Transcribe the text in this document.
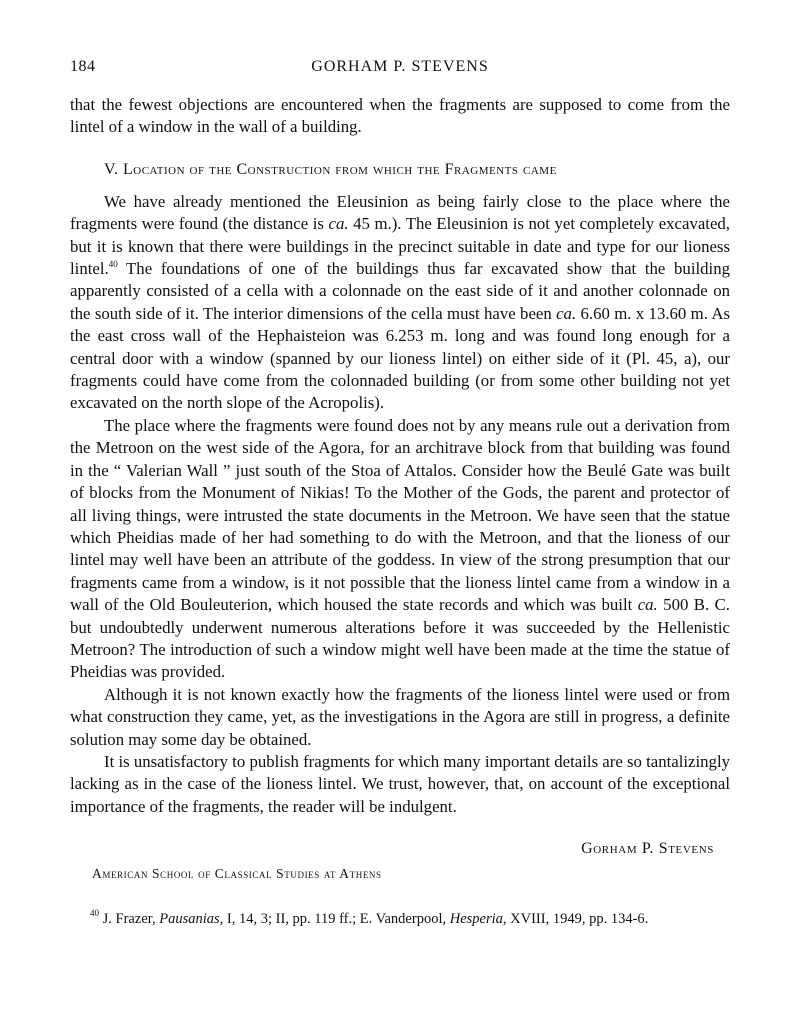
184	GORHAM P. STEVENS

that the fewest objections are encountered when the fragments are supposed to come from the lintel of a window in the wall of a building.

V. Location of the Construction from which the Fragments came

We have already mentioned the Eleusinion as being fairly close to the place where the fragments were found (the distance is ca. 45 m.). The Eleusinion is not yet completely excavated, but it is known that there were buildings in the precinct suitable in date and type for our lioness lintel.$^{40}$ The foundations of one of the buildings thus far excavated show that the building apparently consisted of a cella with a colonnade on the east side of it and another colonnade on the south side of it. The interior dimensions of the cella must have been ca. 6.60 m. x 13.60 m. As the east cross wall of the Hephaisteion was 6.253 m. long and was found long enough for a central door with a window (spanned by our lioness lintel) on either side of it (Pl. 45, a), our fragments could have come from the colonnaded building (or from some other building not yet excavated on the north slope of the Acropolis).

The place where the fragments were found does not by any means rule out a derivation from the Metroon on the west side of the Agora, for an architrave block from that building was found in the “ Valerian Wall ” just south of the Stoa of Attalos. Consider how the Beulé Gate was built of blocks from the Monument of Nikias! To the Mother of the Gods, the parent and protector of all living things, were intrusted the state documents in the Metroon. We have seen that the statue which Pheidias made of her had something to do with the Metroon, and that the lioness of our lintel may well have been an attribute of the goddess. In view of the strong presumption that our fragments came from a window, is it not possible that the lioness lintel came from a window in a wall of the Old Bouleuterion, which housed the state records and which was built ca. 500 B. C. but undoubtedly underwent numerous alterations before it was succeeded by the Hellenistic Metroon? The introduction of such a window might well have been made at the time the statue of Pheidias was provided.

Although it is not known exactly how the fragments of the lioness lintel were used or from what construction they came, yet, as the investigations in the Agora are still in progress, a definite solution may some day be obtained.

It is unsatisfactory to publish fragments for which many important details are so tantalizingly lacking as in the case of the lioness lintel. We trust, however, that, on account of the exceptional importance of the fragments, the reader will be indulgent.

Gorham P. Stevens
American School of Classical Studies at Athens

$^{40}$ J. Frazer, Pausanias, I, 14, 3; II, pp. 119 ff.; E. Vanderpool, Hesperia, XVIII, 1949, pp. 134-6.
